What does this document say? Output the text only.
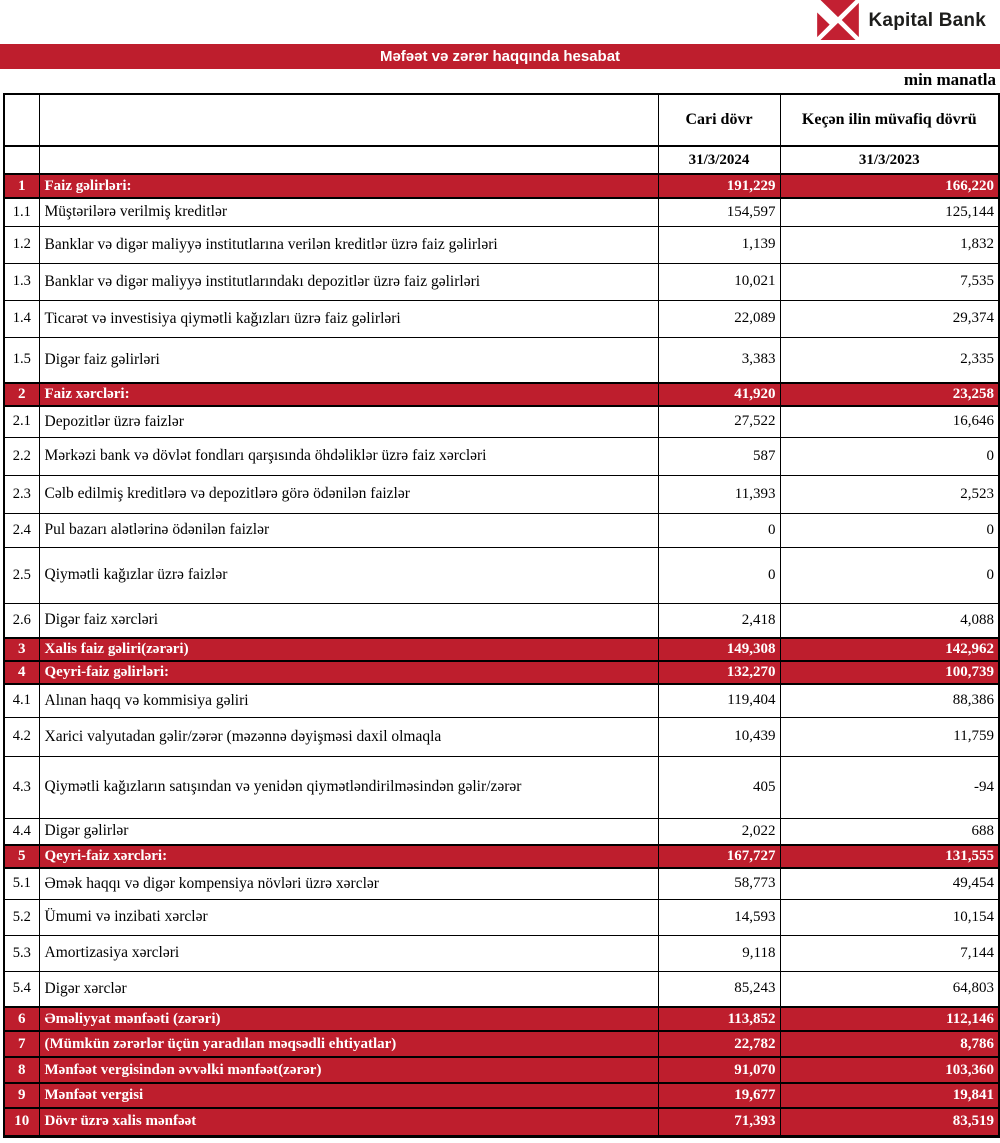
Kapital Bank
Məfəət və zərər haqqında hesabat
min manatla
		Cari dövr	Keçən ilin müvafiq dövrü
		31/3/2024	31/3/2023
1	Faiz gəlirləri:	191,229	166,220
1.1	Müştərilərə verilmiş kreditlər	154,597	125,144
1.2	Banklar və digər maliyyə institutlarına verilən kreditlər üzrə faiz gəlirləri	1,139	1,832
1.3	Banklar və digər maliyyə institutlarındakı depozitlər üzrə faiz gəlirləri	10,021	7,535
1.4	Ticarət və investisiya qiymətli kağızları üzrə faiz gəlirləri	22,089	29,374
1.5	Digər faiz gəlirləri	3,383	2,335
2	Faiz xərcləri:	41,920	23,258
2.1	Depozitlər üzrə faizlər	27,522	16,646
2.2	Mərkəzi bank və dövlət fondları qarşısında öhdəliklər üzrə faiz xərcləri	587	0
2.3	Cəlb edilmiş kreditlərə və depozitlərə görə ödənilən faizlər	11,393	2,523
2.4	Pul bazarı alətlərinə ödənilən faizlər	0	0
2.5	Qiymətli kağızlar üzrə faizlər	0	0
2.6	Digər faiz xərcləri	2,418	4,088
3	Xalis faiz gəliri(zərəri)	149,308	142,962
4	Qeyri-faiz gəlirləri:	132,270	100,739
4.1	Alınan haqq və kommisiya gəliri	119,404	88,386
4.2	Xarici valyutadan gəlir/zərər (məzənnə dəyişməsi daxil olmaqla	10,439	11,759
4.3	Qiymətli kağızların satışından və yenidən qiymətləndirilməsindən gəlir/zərər	405	-94
4.4	Digər gəlirlər	2,022	688
5	Qeyri-faiz xərcləri:	167,727	131,555
5.1	Əmək haqqı və digər kompensiya növləri üzrə xərclər	58,773	49,454
5.2	Ümumi və inzibati xərclər	14,593	10,154
5.3	Amortizasiya xərcləri	9,118	7,144
5.4	Digər xərclər	85,243	64,803
6	Əməliyyat mənfəəti (zərəri)	113,852	112,146
7	(Mümkün zərərlər üçün yaradılan məqsədli ehtiyatlar)	22,782	8,786
8	Mənfəət vergisindən əvvəlki mənfəət(zərər)	91,070	103,360
9	Mənfəət vergisi	19,677	19,841
10	Dövr üzrə xalis mənfəət	71,393	83,519
